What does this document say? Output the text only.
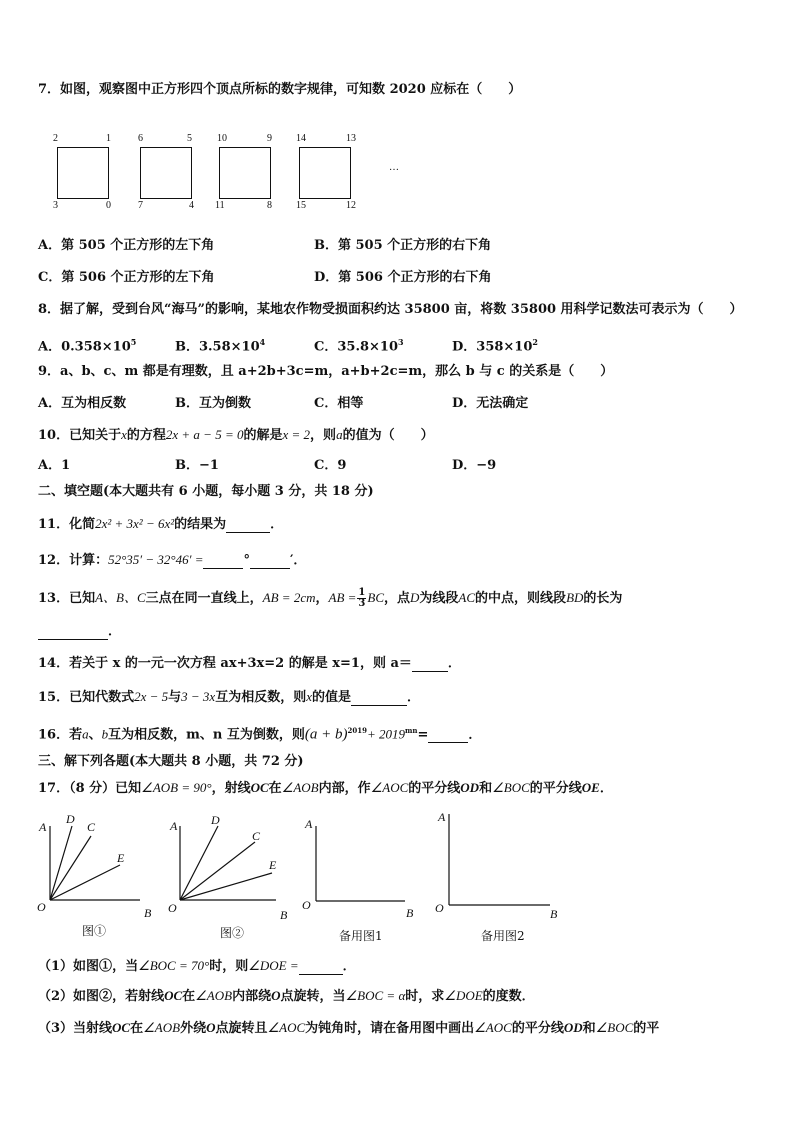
7．如图，观察图中正方形四个顶点所标的数字规律，可知数 2020 应标在（　　）
2	1
3	0
6	5
7	4
10	9
11	8
14	13
15	12
…
A．第 505 个正方形的左下角	B．第 505 个正方形的右下角
C．第 506 个正方形的左下角	D．第 506 个正方形的右下角
8．据了解，受到台风“海马”的影响，某地农作物受损面积约达 35800 亩，将数 35800 用科学记数法可表示为（　　）
A．$0.358\times 10^5$	B．$3.58\times 10^4$	C．$35.8\times 10^3$	D．$358\times 10^2$
9．a、b、c、m 都是有理数，且 a+2b+3c=m，a+b+2c=m，那么 b 与 c 的关系是（　　）
A．互为相反数	B．互为倒数	C．相等	D．无法确定
10．已知关于x的方程2x + a − 5 = 0的解是x = 2，则a的值为（　　）
A．1	B．−1	C．9	D．−9
二、填空题(本大题共有 6 小题，每小题 3 分，共 18 分)
11．化简2x² + 3x² − 6x²的结果为	．
12．计算：52°35′ − 32°46′ =	°	′．
13．已知A、B、C三点在同一直线上，AB = 2cm，AB = $\frac{1}{3}$ BC，点D为线段AC的中点，则线段BD的长为
．
14．若关于 x 的一元一次方程 ax+3x=2 的解是 x=1，则 a＝	．
15．已知代数式2x − 5与3 − 3x互为相反数，则x的值是	．
16．若a、b互为相反数，m、n 互为倒数，则$(a + b)^{2019}+ 2019^{mn}=$	．
三、解下列各题(本大题共 8 小题，共 72 分)
17．（8 分）已知∠AOB = 90°，射线OC在∠AOB内部，作∠AOC的平分线OD和∠BOC的平分线OE．
A
D
C
E
O	B
A	D
C
E
O	B
A
O
B
A
O	B
图①	图②	备用图1	备用图2
（1）如图①，当∠BOC = 70°时，则∠DOE =	．
（2）如图②，若射线OC在∠AOB内部绕O点旋转，当∠BOC = α时，求∠DOE的度数．
（3）当射线OC在∠AOB外绕O点旋转且∠AOC为钝角时，请在备用图中画出∠AOC的平分线OD和∠BOC的平
